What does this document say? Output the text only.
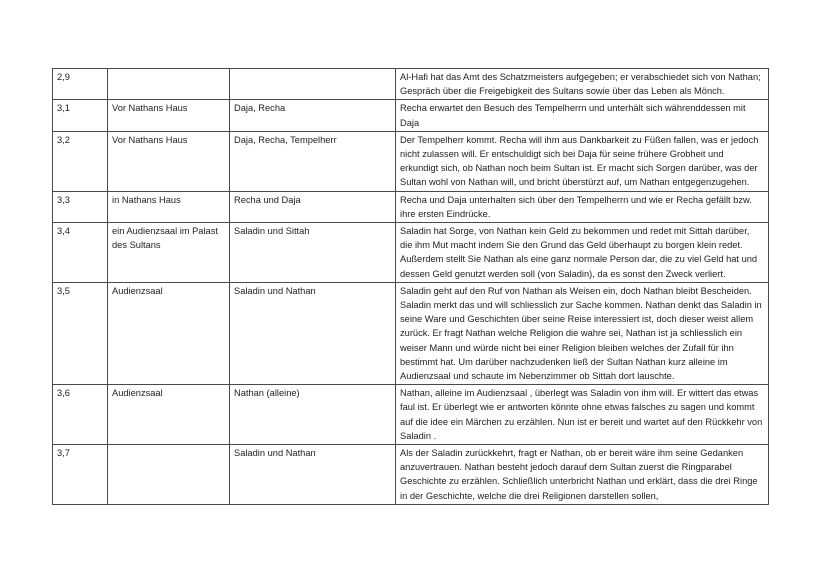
2,9			Al-Hafi hat das Amt des Schatzmeisters aufgegeben; er verabschiedet sich von Nathan; Gespräch über die Freigebigkeit des Sultans sowie über das Leben als Mönch.
3,1	Vor Nathans Haus	Daja, Recha	Recha erwartet den Besuch des Tempelherrn und unterhält sich währenddessen mit Daja
3,2	Vor Nathans Haus	Daja, Recha, Tempelherr	Der Tempelherr kommt. Recha will ihm aus Dankbarkeit zu Füßen fallen, was er jedoch nicht zulassen will. Er entschuldigt sich bei Daja für seine frühere Grobheit und erkundigt sich, ob Nathan noch beim Sultan ist. Er macht sich Sorgen darüber, was der Sultan wohl von Nathan will, und bricht überstürzt auf, um Nathan entgegenzugehen.
3,3	in Nathans Haus	Recha und Daja	Recha und Daja unterhalten sich über den Tempelherrn und wie er Recha gefällt bzw. ihre ersten Eindrücke.
3,4	ein Audienzsaal im Palast des Sultans	Saladin und Sittah	Saladin hat Sorge, von Nathan kein Geld zu bekommen und redet mit Sittah darüber, die ihm Mut macht indem Sie den Grund das Geld überhaupt zu borgen klein redet. Außerdem stellt Sie Nathan als eine ganz normale Person dar, die zu viel Geld hat und dessen Geld genutzt werden soll (von Saladin), da es sonst den Zweck verliert.
3,5	Audienzsaal	Saladin und Nathan	Saladin geht auf den Ruf von Nathan als Weisen ein, doch Nathan bleibt Bescheiden. Saladin merkt das und will schliesslich zur Sache kommen. Nathan denkt das Saladin in seine Ware und Geschichten über seine Reise interessiert ist, doch dieser weist allem zurück. Er fragt Nathan welche Religion die wahre sei, Nathan ist ja schliesslich ein weiser Mann und würde nicht bei einer Religion bleiben welches der Zufall für ihn bestimmt hat. Um darüber nachzudenken ließ der Sultan Nathan kurz alleine im Audienzsaal und schaute im Nebenzimmer ob Sittah dort lauschte.
3,6	Audienzsaal	Nathan (alleine)	Nathan, alleine im Audienzsaal , überlegt was Saladin von ihm will. Er wittert das etwas faul ist. Er überlegt wie er antworten könnte ohne etwas falsches zu sagen und kommt auf die idee ein Märchen zu erzählen. Nun ist er bereit und wartet auf den Rückkehr von Saladin .
3,7		Saladin und Nathan	Als der Saladin zurückkehrt, fragt er Nathan, ob er bereit wäre ihm seine Gedanken anzuvertrauen. Nathan besteht jedoch darauf dem Sultan zuerst die Ringparabel Geschichte zu erzählen. Schließlich unterbricht Nathan und erklärt, dass die drei Ringe in der Geschichte, welche die drei Religionen darstellen sollen,
